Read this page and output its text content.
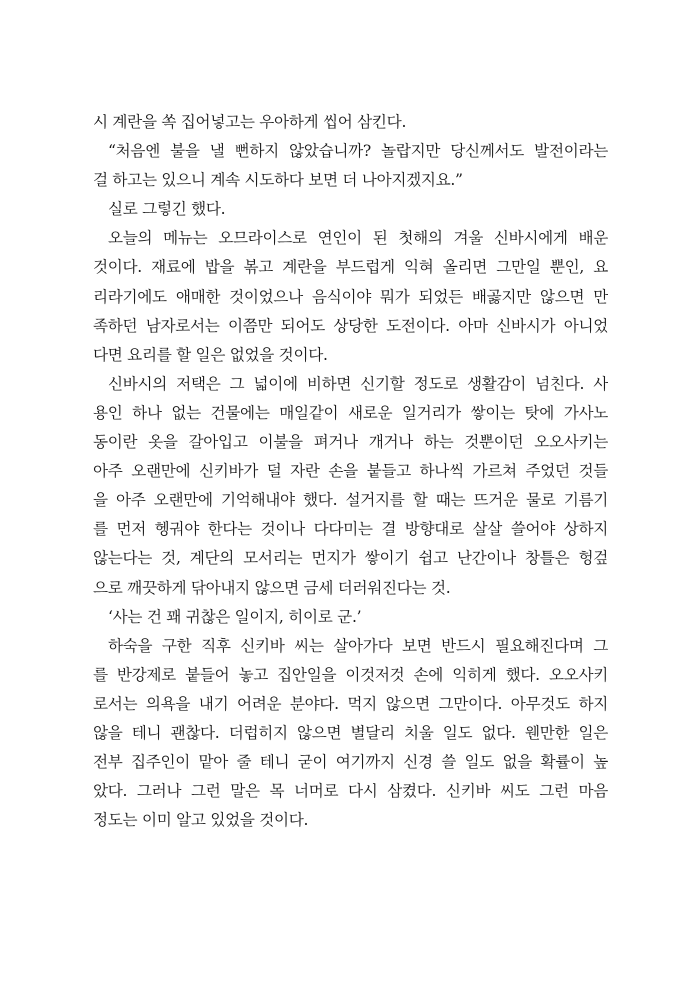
시 계란을 쏙 집어넣고는 우아하게 씹어 삼킨다.
“처음엔 불을 낼 뻔하지 않았습니까? 놀랍지만 당신께서도 발전이라는
걸 하고는 있으니 계속 시도하다 보면 더 나아지겠지요.”
실로 그렇긴 했다.
오늘의 메뉴는 오므라이스로 연인이 된 첫해의 겨울 신바시에게 배운
것이다. 재료에 밥을 볶고 계란을 부드럽게 익혀 올리면 그만일 뿐인, 요
리라기에도 애매한 것이었으나 음식이야 뭐가 되었든 배곯지만 않으면 만
족하던 남자로서는 이쯤만 되어도 상당한 도전이다. 아마 신바시가 아니었
다면 요리를 할 일은 없었을 것이다.
신바시의 저택은 그 넓이에 비하면 신기할 정도로 생활감이 넘친다. 사
용인 하나 없는 건물에는 매일같이 새로운 일거리가 쌓이는 탓에 가사노
동이란 옷을 갈아입고 이불을 펴거나 개거나 하는 것뿐이던 오오사키는
아주 오랜만에 신키바가 덜 자란 손을 붙들고 하나씩 가르쳐 주었던 것들
을 아주 오랜만에 기억해내야 했다. 설거지를 할 때는 뜨거운 물로 기름기
를 먼저 헹궈야 한다는 것이나 다다미는 결 방향대로 살살 쓸어야 상하지
않는다는 것, 계단의 모서리는 먼지가 쌓이기 쉽고 난간이나 창틀은 헝겊
으로 깨끗하게 닦아내지 않으면 금세 더러워진다는 것.
‘사는 건 꽤 귀찮은 일이지, 히이로 군.’
하숙을 구한 직후 신키바 씨는 살아가다 보면 반드시 필요해진다며 그
를 반강제로 붙들어 놓고 집안일을 이것저것 손에 익히게 했다. 오오사키
로서는 의욕을 내기 어려운 분야다. 먹지 않으면 그만이다. 아무것도 하지
않을 테니 괜찮다. 더럽히지 않으면 별달리 치울 일도 없다. 웬만한 일은
전부 집주인이 맡아 줄 테니 굳이 여기까지 신경 쓸 일도 없을 확률이 높
았다. 그러나 그런 말은 목 너머로 다시 삼켰다. 신키바 씨도 그런 마음
정도는 이미 알고 있었을 것이다.
